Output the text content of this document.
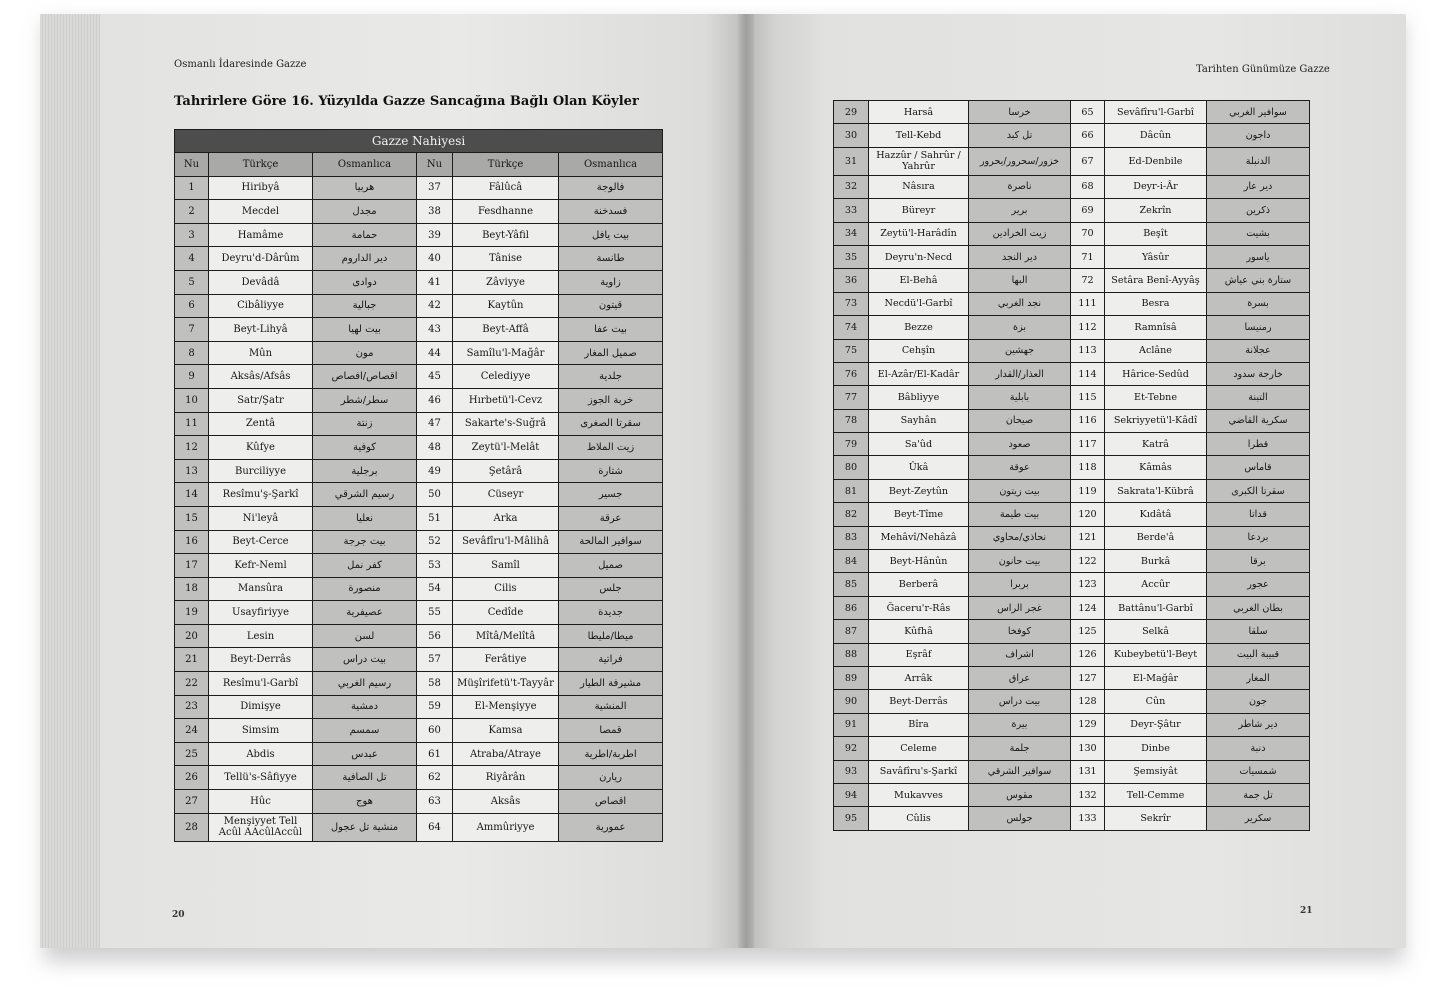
Osmanlı İdaresinde Gazze
Tahrirlere Göre 16. Yüzyılda Gazze Sancağına Bağlı Olan Köyler
Tarihten Günümüze Gazze
20	21
Gazze Nahiyesi					
Nu	Türkçe	Osmanlıca	Nu	Türkçe	Osmanlıca
1	Hiribyâ	هربيا	37	Fâlûcâ	فالوجة
2	Mecdel	مجدل	38	Fesdhanne	فسدخنة
3	Hamâme	حمامة	39	Beyt-Yâfil	بيت يافل
4	Deyru'd-Dârûm	دير الداروم	40	Tânise	طانسة
5	Devâdâ	دوادی	41	Zâviyye	زاوية
6	Cibâliyye	جبالية	42	Kaytûn	قيتون
7	Beyt-Lihyâ	بيت لهيا	43	Beyt-Affâ	بيت عفا
8	Mûn	مون	44	Samîlu'l-Mağâr	صميل المغار
9	Aksâs/Afsâs	اقصاص/افصاص	45	Celediyye	جلدية
10	Satr/Şatr	سطر/شطر	46	Hırbetü'l-Cevz	خربة الجوز
11	Zentâ	زنتة	47	Sakarte's-Suğrâ	سقرتا الصغرى
12	Kûfye	كوفية	48	Zeytü'l-Melât	زيت الملاط
13	Burciliyye	برجلية	49	Şetârâ	شتارة
14	Resîmu'ş-Şarkî	رسيم الشرقي	50	Cüseyr	جسير
15	Ni'leyâ	نعليا	51	Arka	عرقة
16	Beyt-Cerce	بيت جرجة	52	Sevâfîru'l-Mâlihâ	سوافير المالحة
17	Kefr-Neml	كفر نمل	53	Samîl	صميل
18	Mansûra	منصورة	54	Cilis	جلس
19	Usayfiriyye	عصيفرية	55	Cedîde	جديدة
20	Lesin	لسن	56	Mîtâ/Melîtâ	ميطا/مليطا
21	Beyt-Derrâs	بيت دراس	57	Ferâtiye	فراتية
22	Resîmu'l-Garbî	رسيم الغربي	58	Müşîrifetü't-Tayyâr	مشيرفة الطيار
23	Dimişye	دمشية	59	El-Menşiyye	المنشية
24	Simsim	سمسم	60	Kamsa	قمصا
25	Abdis	عبدس	61	Atraba/Atraye	اطربة/اطرية
26	Tellü's-Sâfiyye	تل الصافية	62	Riyârân	ريارن
27	Hûc	هوج	63	Aksâs	اقصاص
28	Menşiyyet Tell Acûl AAcûlAccûl	منشية تل عجول	64	Ammûriyye	عمورية
29	Harsâ	خرسا	65	Sevâfîru'l-Garbî	سوافير الغربي
30	Tell-Kebd	تل كبد	66	Dâcûn	داجون
31	Hazzûr / Sahrûr / Yahrûr	خزور/سحرور/يحرور	67	Ed-Denbile	الدنبلة
32	Nâsıra	ناصرة	68	Deyr-i-Âr	دير عار
33	Büreyr	برير	69	Zekrîn	ذكرين
34	Zeytü'l-Harâdîn	زيت الخرادين	70	Beşît	بشيت
35	Deyru'n-Necd	دير النجد	71	Yâsûr	ياسور
36	El-Behâ	البها	72	Setâra Benî-Ayyâş	ستارة بني عياش
73	Necdü'l-Garbî	نجد الغربي	111	Besra	بسرة
74	Bezze	بزة	112	Ramnîsâ	رمنيسا
75	Cehşîn	جهشين	113	Aclâne	عجلانة
76	El-Azâr/El-Kadâr	العذار/القدار	114	Hârice-Sedûd	خارجة سدود
77	Bâbliyye	بابلية	115	Et-Tebne	التبنة
78	Sayhân	صيحان	116	Sekriyyetü'l-Kâdî	سكرية القاضي
79	Sa'ûd	صعود	117	Katrâ	قطرا
80	Ûkâ	عوقة	118	Kâmâs	قاماس
81	Beyt-Zeytûn	بيت زيتون	119	Sakrata'l-Kübrâ	سقرتا الكبرى
82	Beyt-Tîme	بيت طيمة	120	Kıdâtâ	قداتا
83	Mehâvî/Nehâzâ	نحاذي/محاوي	121	Berde'â	بردعا
84	Beyt-Hânûn	بيت حانون	122	Burkâ	برقا
85	Berberâ	بربرا	123	Accûr	عجور
86	Ğaceru'r-Râs	غجر الراس	124	Battânu'l-Garbî	بطان الغربي
87	Kûfhâ	كوفخا	125	Selkâ	سلقا
88	Eşrâf	اشراف	126	Kubeybetü'l-Beyt	قبيبة البيت
89	Arrâk	عراق	127	El-Mağâr	المغار
90	Beyt-Derrâs	بيت دراس	128	Cûn	جون
91	Bîra	بيرة	129	Deyr-Şâtır	دير شاطر
92	Celeme	جلمة	130	Dinbe	دنبة
93	Savâfîru's-Şarkî	سوافير الشرقي	131	Şemsiyât	شمسيات
94	Mukavves	مقوس	132	Tell-Cemme	تل جمة
95	Cûlis	جولس	133	Sekrîr	سكرير
